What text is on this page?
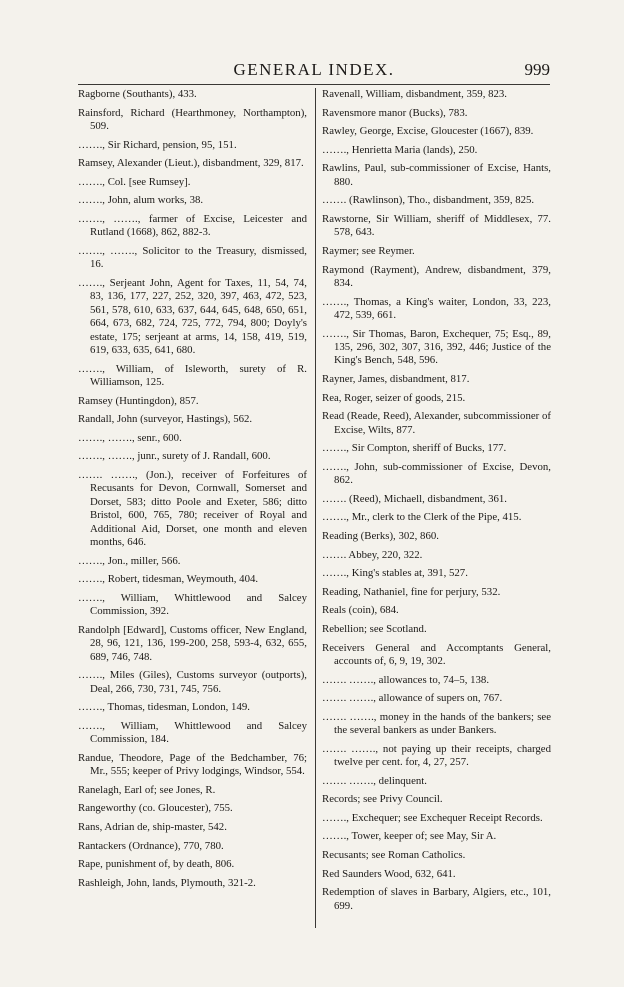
GENERAL INDEX.	999
Ragborne (Southants), 433.
Rainsford, Richard (Hearthmoney, Northampton), 509.
……., Sir Richard, pension, 95, 151.
Ramsey, Alexander (Lieut.), disbandment, 329, 817.
……., Col. [see Rumsey].
……., John, alum works, 38.
……., ……., farmer of Excise, Leicester and Rutland (1668), 862, 882-3.
……., ……., Solicitor to the Treasury, dismissed, 16.
……., Serjeant John, Agent for Taxes, 11, 54, 74, 83, 136, 177, 227, 252, 320, 397, 463, 472, 523, 561, 578, 610, 633, 637, 644, 645, 648, 650, 651, 664, 673, 682, 724, 725, 772, 794, 800; Doyly's estate, 175; serjeant at arms, 14, 158, 419, 519, 619, 633, 635, 641, 680.
……., William, of Isleworth, surety of R. Williamson, 125.
Ramsey (Huntingdon), 857.
Randall, John (surveyor, Hastings), 562.
……., ……., senr., 600.
……., ……., junr., surety of J. Randall, 600.
……. ……., (Jon.), receiver of Forfeitures of Recusants for Devon, Cornwall, Somerset and Dorset, 583; ditto Poole and Exeter, 586; ditto Bristol, 600, 765, 780; receiver of Royal and Additional Aid, Dorset, one month and eleven months, 646.
……., Jon., miller, 566.
……., Robert, tidesman, Weymouth, 404.
……., William, Whittlewood and Salcey Commission, 392.
Randolph [Edward], Customs officer, New England, 28, 96, 121, 136, 199-200, 258, 593-4, 632, 655, 689, 746, 748.
……., Miles (Giles), Customs surveyor (outports), Deal, 266, 730, 731, 745, 756.
……., Thomas, tidesman, London, 149.
……., William, Whittlewood and Salcey Commission, 184.
Randue, Theodore, Page of the Bedchamber, 76; Mr., 555; keeper of Privy lodgings, Windsor, 554.
Ranelagh, Earl of; see Jones, R.
Rangeworthy (co. Gloucester), 755.
Rans, Adrian de, ship-master, 542.
Rantackers (Ordnance), 770, 780.
Rape, punishment of, by death, 806.
Rashleigh, John, lands, Plymouth, 321-2.
Ravenall, William, disbandment, 359, 823.
Ravensmore manor (Bucks), 783.
Rawley, George, Excise, Gloucester (1667), 839.
……., Henrietta Maria (lands), 250.
Rawlins, Paul, sub-commissioner of Excise, Hants, 880.
……. (Rawlinson), Tho., disbandment, 359, 825.
Rawstorne, Sir William, sheriff of Middlesex, 77. 578, 643.
Raymer; see Reymer.
Raymond (Rayment), Andrew, disbandment, 379, 834.
……., Thomas, a King's waiter, London, 33, 223, 472, 539, 661.
……., Sir Thomas, Baron, Exchequer, 75; Esq., 89, 135, 296, 302, 307, 316, 392, 446; Justice of the King's Bench, 548, 596.
Rayner, James, disbandment, 817.
Rea, Roger, seizer of goods, 215.
Read (Reade, Reed), Alexander, subcommissioner of Excise, Wilts, 877.
……., Sir Compton, sheriff of Bucks, 177.
……., John, sub-commissioner of Excise, Devon, 862.
……. (Reed), Michaell, disbandment, 361.
……., Mr., clerk to the Clerk of the Pipe, 415.
Reading (Berks), 302, 860.
……. Abbey, 220, 322.
……., King's stables at, 391, 527.
Reading, Nathaniel, fine for perjury, 532.
Reals (coin), 684.
Rebellion; see Scotland.
Receivers General and Accomptants General, accounts of, 6, 9, 19, 302.
……. ……., allowances to, 74–5, 138.
……. ……., allowance of supers on, 767.
……. ……., money in the hands of the bankers; see the several bankers as under Bankers.
……. ……., not paying up their receipts, charged twelve per cent. for, 4, 27, 257.
……. ……., delinquent.
Records; see Privy Council.
……., Exchequer; see Exchequer Receipt Records.
……., Tower, keeper of; see May, Sir A.
Recusants; see Roman Catholics.
Red Saunders Wood, 632, 641.
Redemption of slaves in Barbary, Algiers, etc., 101, 699.
